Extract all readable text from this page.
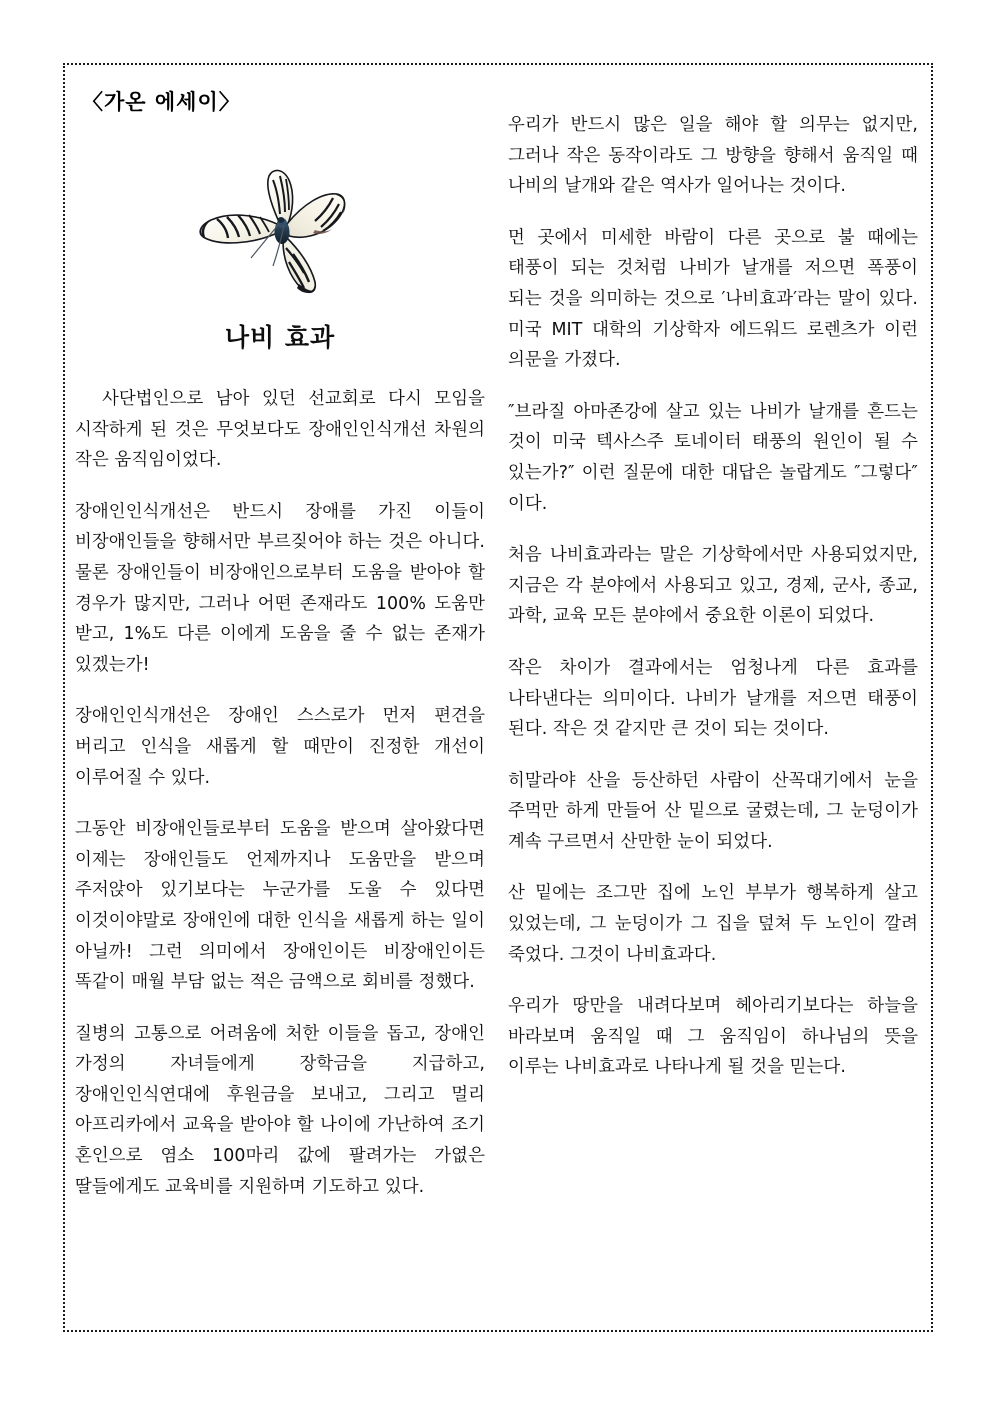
〈가온 에세이〉
나비 효과

사단법인으로 남아 있던 선교회로 다시 모임을 시작하게 된 것은 무엇보다도 장애인인식개선 차원의 작은 움직임이었다.

장애인인식개선은 반드시 장애를 가진 이들이 비장애인들을 향해서만 부르짖어야 하는 것은 아니다. 물론 장애인들이 비장애인으로부터 도움을 받아야 할 경우가 많지만, 그러나 어떤 존재라도 100% 도움만 받고, 1%도 다른 이에게 도움을 줄 수 없는 존재가 있겠는가!

장애인인식개선은 장애인 스스로가 먼저 편견을 버리고 인식을 새롭게 할 때만이 진정한 개선이 이루어질 수 있다.

그동안 비장애인들로부터 도움을 받으며 살아왔다면 이제는 장애인들도 언제까지나 도움만을 받으며 주저앉아 있기보다는 누군가를 도울 수 있다면 이것이야말로 장애인에 대한 인식을 새롭게 하는 일이 아닐까! 그런 의미에서 장애인이든 비장애인이든 똑같이 매월 부담 없는 적은 금액으로 회비를 정했다.

질병의 고통으로 어려움에 처한 이들을 돕고, 장애인 가정의 자녀들에게 장학금을 지급하고, 장애인인식연대에 후원금을 보내고, 그리고 멀리 아프리카에서 교육을 받아야 할 나이에 가난하여 조기 혼인으로 염소 100마리 값에 팔려가는 가엾은 딸들에게도 교육비를 지원하며 기도하고 있다.

우리가 반드시 많은 일을 해야 할 의무는 없지만, 그러나 작은 동작이라도 그 방향을 향해서 움직일 때 나비의 날개와 같은 역사가 일어나는 것이다.

먼 곳에서 미세한 바람이 다른 곳으로 불 때에는 태풍이 되는 것처럼 나비가 날개를 저으면 폭풍이 되는 것을 의미하는 것으로 ′나비효과′라는 말이 있다. 미국 MIT 대학의 기상학자 에드워드 로렌츠가 이런 의문을 가졌다.

″브라질 아마존강에 살고 있는 나비가 날개를 흔드는 것이 미국 텍사스주 토네이터 태풍의 원인이 될 수 있는가?″ 이런 질문에 대한 대답은 놀랍게도 ″그렇다″이다.

처음 나비효과라는 말은 기상학에서만 사용되었지만, 지금은 각 분야에서 사용되고 있고, 경제, 군사, 종교, 과학, 교육 모든 분야에서 중요한 이론이 되었다.

작은 차이가 결과에서는 엄청나게 다른 효과를 나타낸다는 의미이다. 나비가 날개를 저으면 태풍이 된다. 작은 것 같지만 큰 것이 되는 것이다.

히말라야 산을 등산하던 사람이 산꼭대기에서 눈을 주먹만 하게 만들어 산 밑으로 굴렸는데, 그 눈덩이가 계속 구르면서 산만한 눈이 되었다.

산 밑에는 조그만 집에 노인 부부가 행복하게 살고 있었는데, 그 눈덩이가 그 집을 덮쳐 두 노인이 깔려 죽었다. 그것이 나비효과다.

우리가 땅만을 내려다보며 헤아리기보다는 하늘을 바라보며 움직일 때 그 움직임이 하나님의 뜻을 이루는 나비효과로 나타나게 될 것을 믿는다.
